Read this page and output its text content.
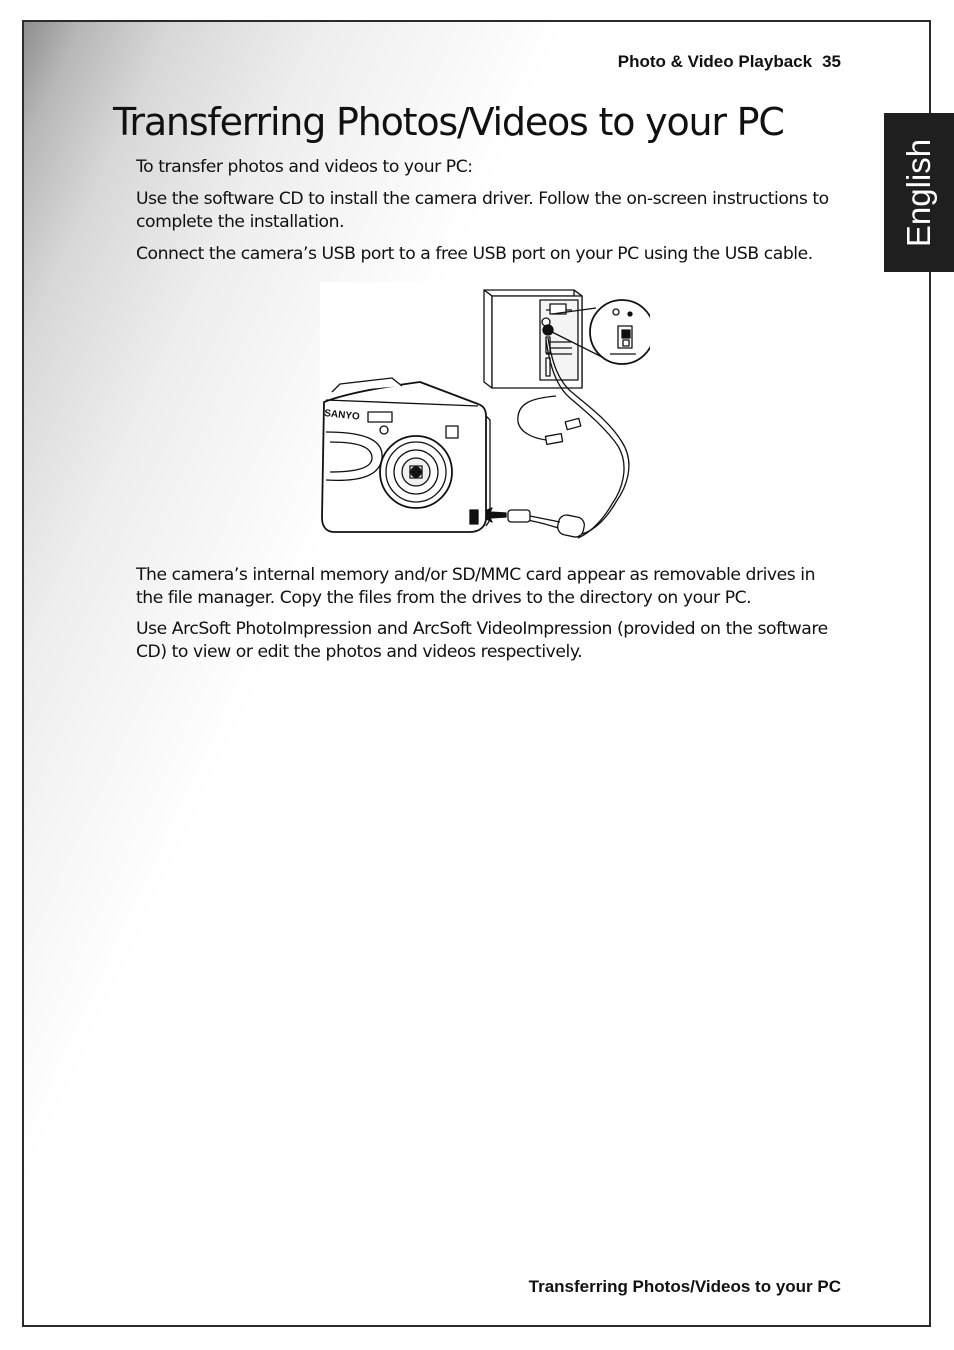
Photo & Video Playback 35
English
Transferring Photos/Videos to your PC

To transfer photos and videos to your PC:

Use the software CD to install the camera driver. Follow the on-screen instructions to complete the installation.

Connect the camera’s USB port to a free USB port on your PC using the USB cable.

SANYO

The camera’s internal memory and/or SD/MMC card appear as removable drives in the file manager. Copy the files from the drives to the directory on your PC.

Use ArcSoft PhotoImpression and ArcSoft VideoImpression (provided on the software CD) to view or edit the photos and videos respectively.

Transferring Photos/Videos to your PC
